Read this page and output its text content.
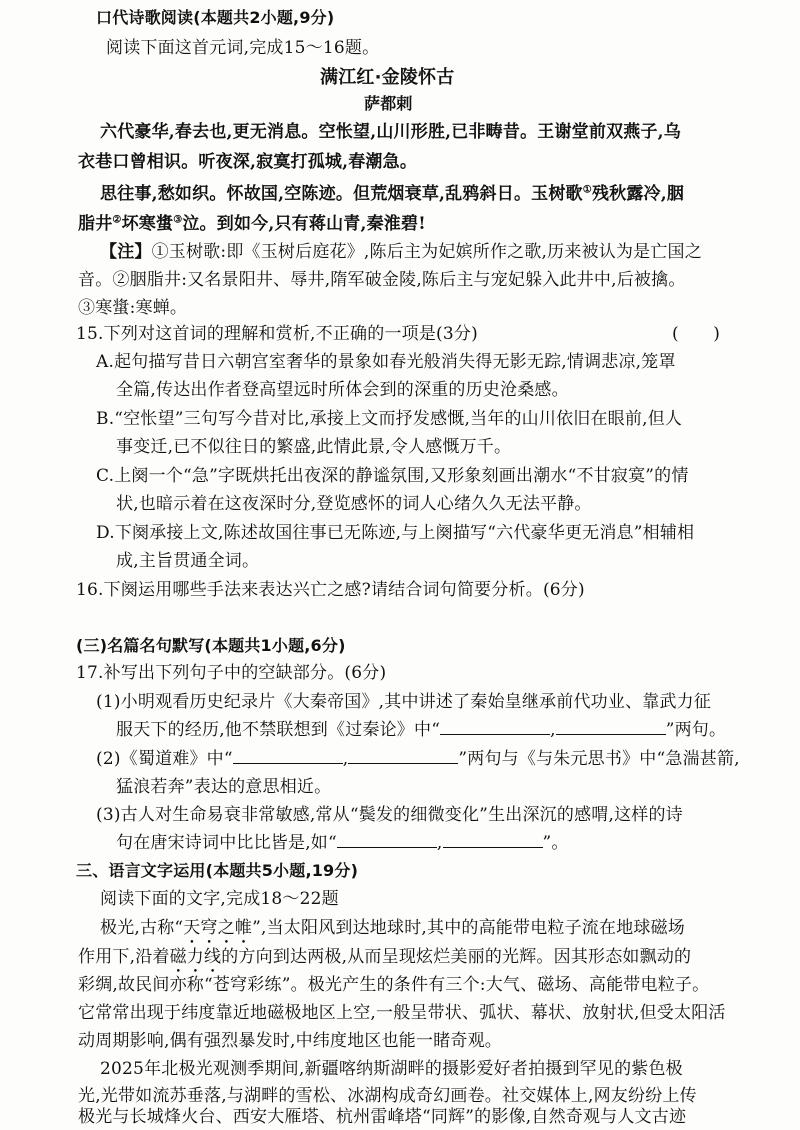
口代诗歌阅读(本题共2小题,9分)
阅读下面这首元词,完成15～16题。
满江红·金陵怀古
萨都剌
六代豪华,春去也,更无消息。空怅望,山川形胜,已非畴昔。王谢堂前双燕子,乌
衣巷口曾相识。听夜深,寂寞打孤城,春潮急。
思往事,愁如织。怀故国,空陈迹。但荒烟衰草,乱鸦斜日。玉树歌①残秋露冷,胭
脂井②坏寒螀③泣。到如今,只有蒋山青,秦淮碧!
【注】①玉树歌:即《玉树后庭花》,陈后主为妃嫔所作之歌,历来被认为是亡国之
音。②胭脂井:又名景阳井、辱井,隋军破金陵,陈后主与宠妃躲入此井中,后被擒。
③寒螀:寒蝉。
15.下列对这首词的理解和赏析,不正确的一项是(3分)	(　　)
A.起句描写昔日六朝宫室奢华的景象如春光般消失得无影无踪,情调悲凉,笼罩
全篇,传达出作者登高望远时所体会到的深重的历史沧桑感。
B.“空怅望”三句写今昔对比,承接上文而抒发感慨,当年的山川依旧在眼前,但人
事变迁,已不似往日的繁盛,此情此景,令人感慨万千。
C.上阕一个“急”字既烘托出夜深的静谧氛围,又形象刻画出潮水“不甘寂寞”的情
状,也暗示着在这夜深时分,登览感怀的词人心绪久久无法平静。
D.下阕承接上文,陈述故国往事已无陈迹,与上阕描写“六代豪华更无消息”相辅相
成,主旨贯通全词。
16.下阕运用哪些手法来表达兴亡之感?请结合词句简要分析。(6分)
(三)名篇名句默写(本题共1小题,6分)
17.补写出下列句子中的空缺部分。(6分)
(1)小明观看历史纪录片《大秦帝国》,其中讲述了秦始皇继承前代功业、靠武力征
服天下的经历,他不禁联想到《过秦论》中“	,	”两句。
(2)《蜀道难》中“	,	”两句与《与朱元思书》中“急湍甚箭,
猛浪若奔”表达的意思相近。
(3)古人对生命易衰非常敏感,常从“鬓发的细微变化”生出深沉的感喟,这样的诗
句在唐宋诗词中比比皆是,如“	,	”。
三、语言文字运用(本题共5小题,19分)
阅读下面的文字,完成18～22题
极光,古称“天穹之帷”,当太阳风到达地球时,其中的高能带电粒子流在地球磁场
作用下,沿着磁力线的方向到达两极,从而呈现炫烂美丽的光辉。因其形态如飘动的
彩绸,故民间亦称“苍穹彩练”。极光产生的条件有三个:大气、磁场、高能带电粒子。
它常常出现于纬度靠近地磁极地区上空,一般呈带状、弧状、幕状、放射状,但受太阳活
动周期影响,偶有强烈暴发时,中纬度地区也能一睹奇观。
2025年北极光观测季期间,新疆喀纳斯湖畔的摄影爱好者拍摄到罕见的紫色极
光,光带如流苏垂落,与湖畔的雪松、冰湖构成奇幻画卷。社交媒体上,网友纷纷上传
极光与长城烽火台、西安大雁塔、杭州雷峰塔“同辉”的影像,自然奇观与人文古迹
